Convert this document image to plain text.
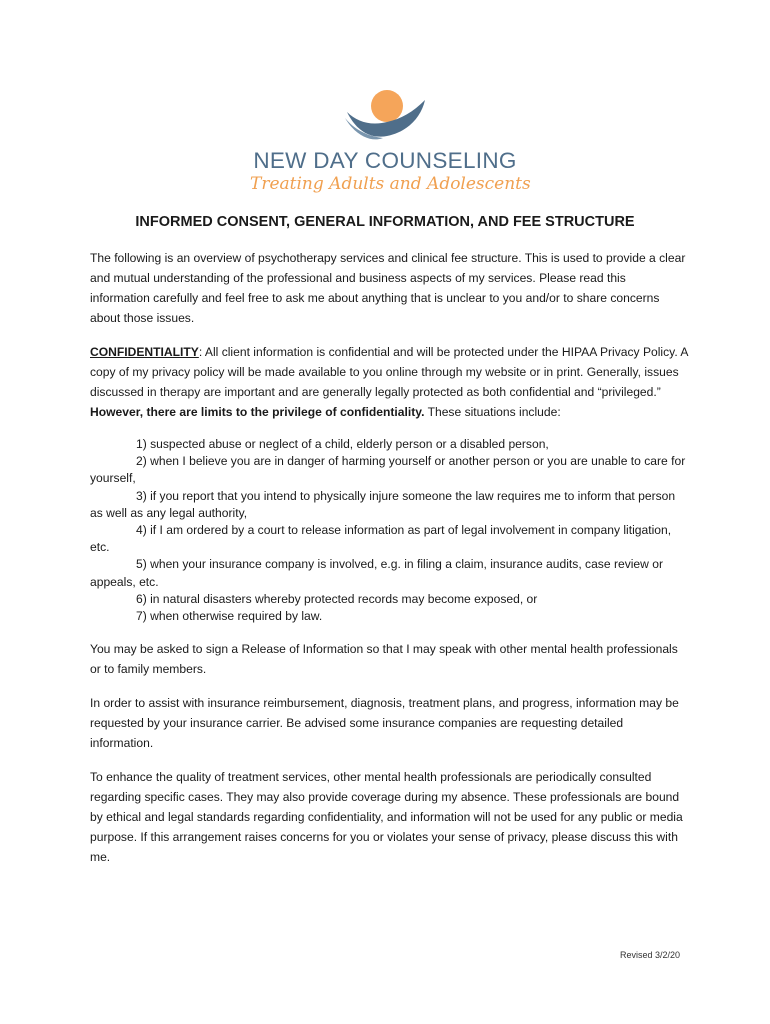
NEW DAY COUNSELING
Treating Adults and Adolescents
INFORMED CONSENT, GENERAL INFORMATION, AND FEE STRUCTURE

The following is an overview of psychotherapy services and clinical fee structure. This is used to provide a clear and mutual understanding of the professional and business aspects of my services. Please read this information carefully and feel free to ask me about anything that is unclear to you and/or to share concerns about those issues.

CONFIDENTIALITY: All client information is confidential and will be protected under the HIPAA Privacy Policy. A copy of my privacy policy will be made available to you online through my website or in print. Generally, issues discussed in therapy are important and are generally legally protected as both confidential and “privileged.” However, there are limits to the privilege of confidentiality. These situations include:

1) suspected abuse or neglect of a child, elderly person or a disabled person,
2) when I believe you are in danger of harming yourself or another person or you are unable to care for yourself,
3) if you report that you intend to physically injure someone the law requires me to inform that person as well as any legal authority,
4) if I am ordered by a court to release information as part of legal involvement in company litigation, etc.
5) when your insurance company is involved, e.g. in filing a claim, insurance audits, case review or appeals, etc.
6) in natural disasters whereby protected records may become exposed, or
7) when otherwise required by law.

You may be asked to sign a Release of Information so that I may speak with other mental health professionals or to family members.

In order to assist with insurance reimbursement, diagnosis, treatment plans, and progress, information may be requested by your insurance carrier. Be advised some insurance companies are requesting detailed information.

To enhance the quality of treatment services, other mental health professionals are periodically consulted regarding specific cases. They may also provide coverage during my absence. These professionals are bound by ethical and legal standards regarding confidentiality, and information will not be used for any public or media purpose. If this arrangement raises concerns for you or violates your sense of privacy, please discuss this with me.

Revised 3/2/20
